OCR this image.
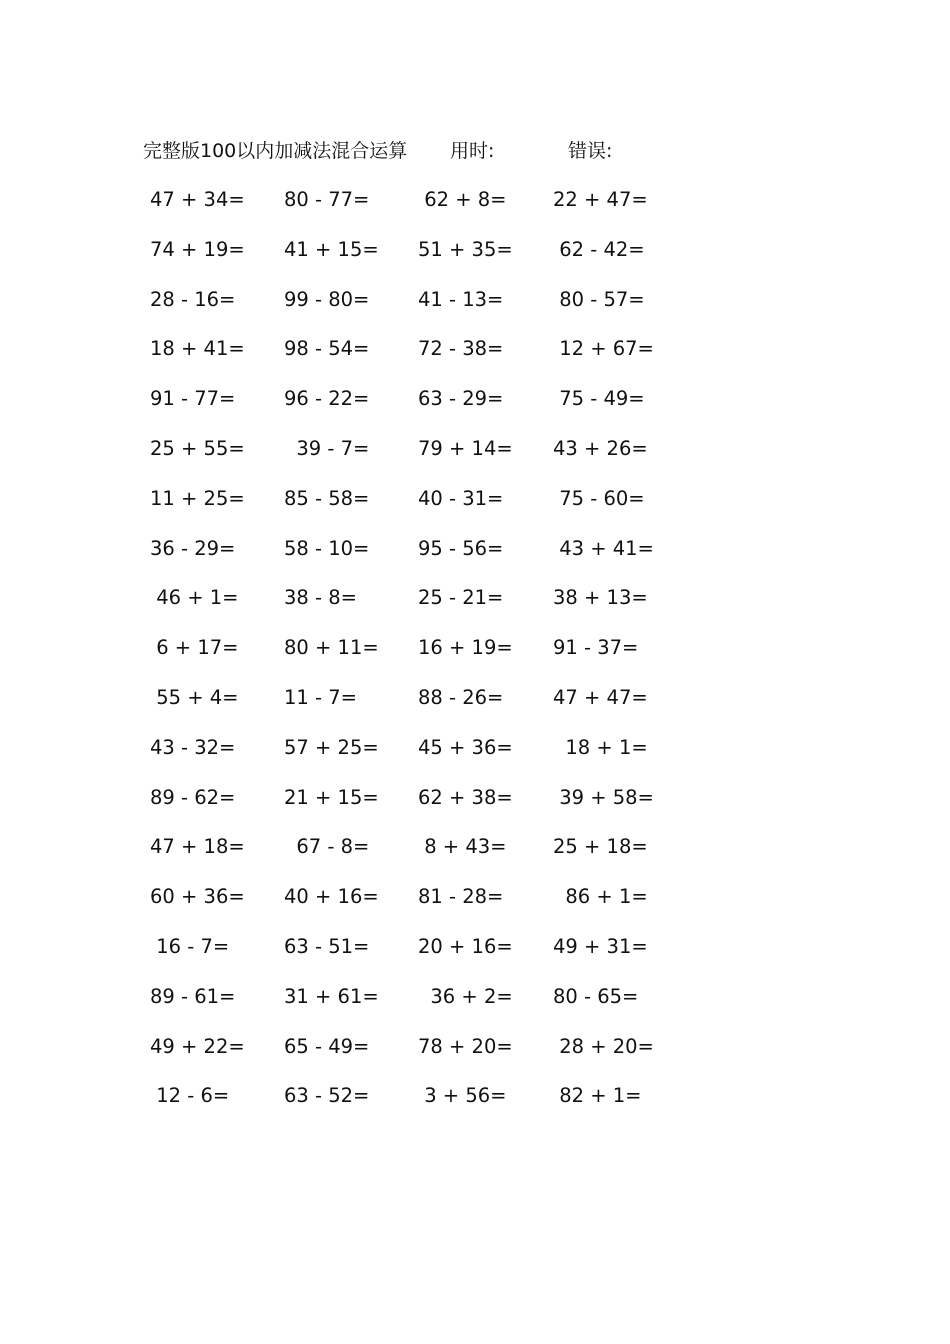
完整版100以内加减法混合运算 用时:	错误:
47 + 34= 80 - 77= 62 + 8= 22 + 47=
74 + 19= 41 + 15= 51 + 35= 62 - 42=
28 - 16= 99 - 80= 41 - 13=	80 - 57=
18 + 41= 98 - 54= 72 - 38=	12 + 67=
91 - 77= 96 - 22= 63 - 29=	75 - 49=
25 + 55= 39 - 7= 79 + 14= 43 + 26=
11 + 25= 85 - 58= 40 - 31=	75 - 60=
36 - 29= 58 - 10= 95 - 56=	43 + 41=
46 + 1= 38 - 8=	25 - 21=	38 + 13=
6 + 17= 80 + 11= 16 + 19= 91 - 37=
55 + 4= 11 - 7=	88 - 26=	47 + 47=
43 - 32= 57 + 25= 45 + 36= 18 + 1=
89 - 62= 21 + 15= 62 + 38= 39 + 58=
47 + 18= 67 - 8= 8 + 43= 25 + 18=
60 + 36= 40 + 16= 81 - 28=	86 + 1=
16 - 7=	63 - 51= 20 + 16= 49 + 31=
89 - 61= 31 + 61= 36 + 2= 80 - 65=
49 + 22= 65 - 49= 78 + 20= 28 + 20=
12 - 6=	63 - 52= 3 + 56= 82 + 1=
